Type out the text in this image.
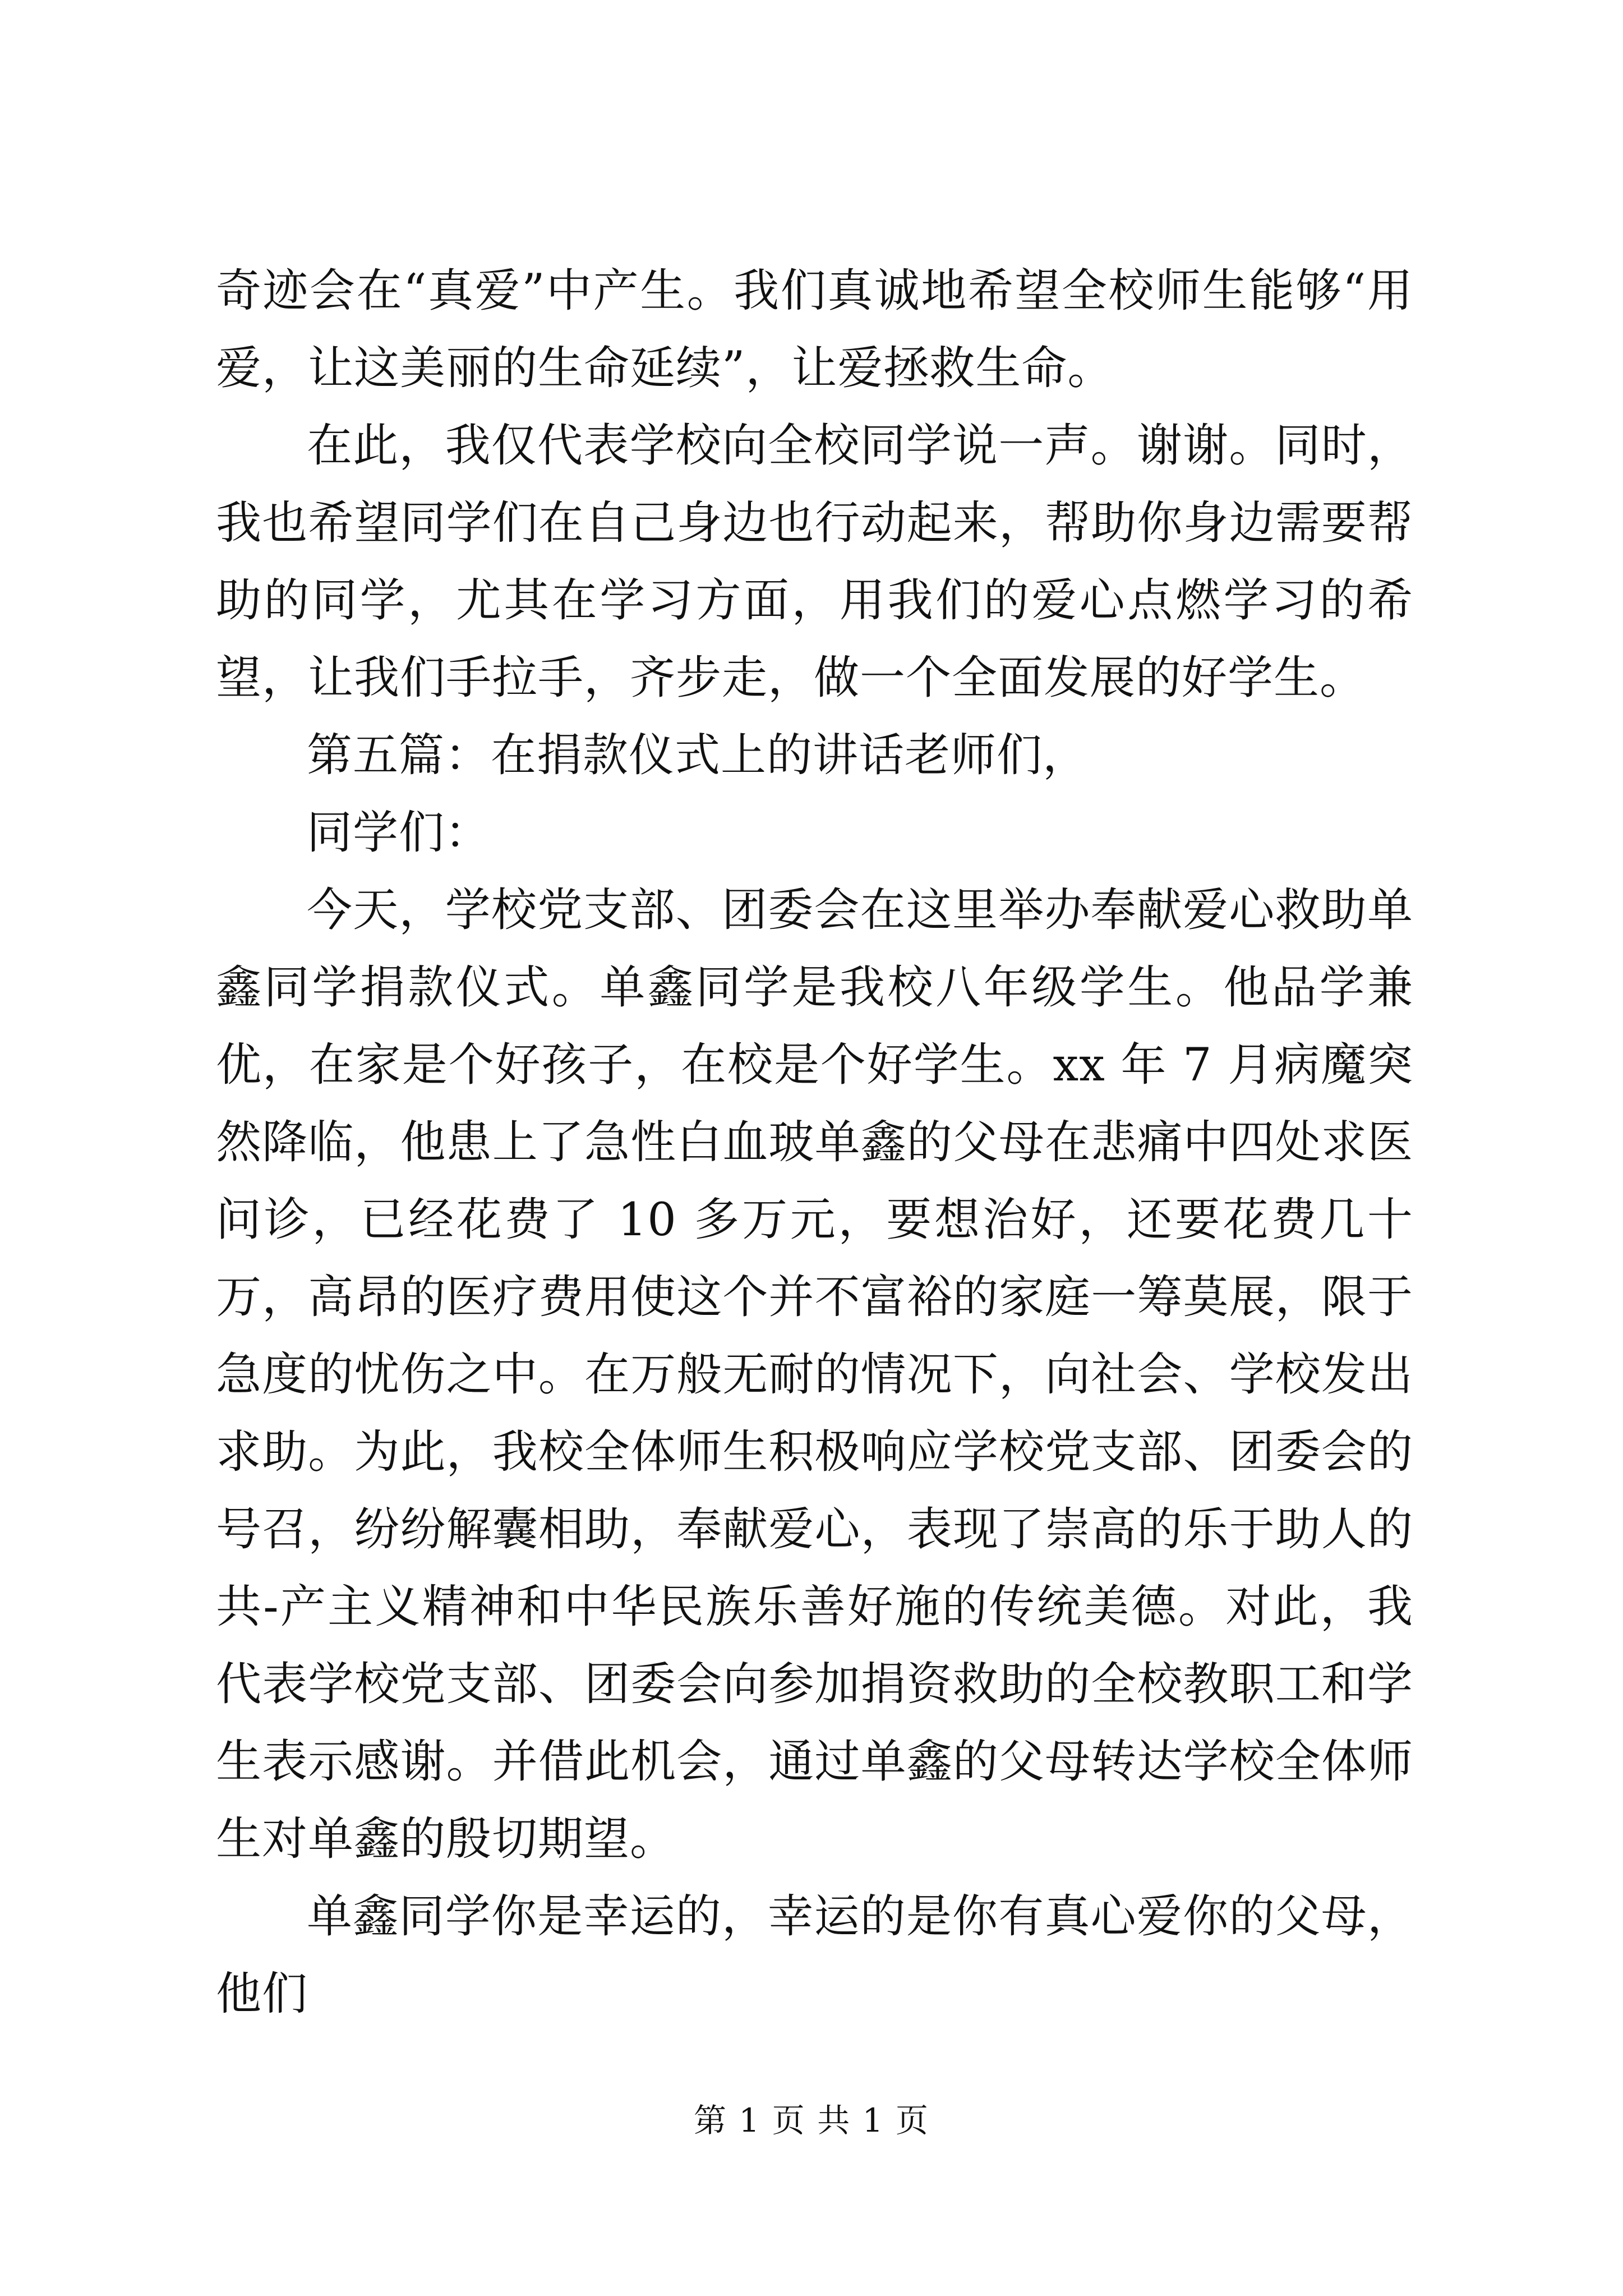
奇迹会在“真爱”中产生。我们真诚地希望全校师生能够“用爱，让这美丽的生命延续”，让爱拯救生命。

在此，我仅代表学校向全校同学说一声。谢谢。同时，我也希望同学们在自己身边也行动起来，帮助你身边需要帮助的同学，尤其在学习方面，用我们的爱心点燃学习的希望，让我们手拉手，齐步走，做一个全面发展的好学生。

第五篇：在捐款仪式上的讲话老师们，

同学们：

今天，学校党支部、团委会在这里举办奉献爱心救助单鑫同学捐款仪式。单鑫同学是我校八年级学生。他品学兼优，在家是个好孩子，在校是个好学生。xx 年 7 月病魔突然降临，他患上了急性白血玻单鑫的父母在悲痛中四处求医问诊，已经花费了 10 多万元，要想治好，还要花费几十万，高昂的医疗费用使这个并不富裕的家庭一筹莫展，限于急度的忧伤之中。在万般无耐的情况下，向社会、学校发出求助。为此，我校全体师生积极响应学校党支部、团委会的号召，纷纷解囊相助，奉献爱心，表现了崇高的乐于助人的共-产主义精神和中华民族乐善好施的传统美德。对此，我代表学校党支部、团委会向参加捐资救助的全校教职工和学生表示感谢。并借此机会，通过单鑫的父母转达学校全体师生对单鑫的殷切期望。

单鑫同学你是幸运的，幸运的是你有真心爱你的父母，他们

第 1 页 共 1 页
